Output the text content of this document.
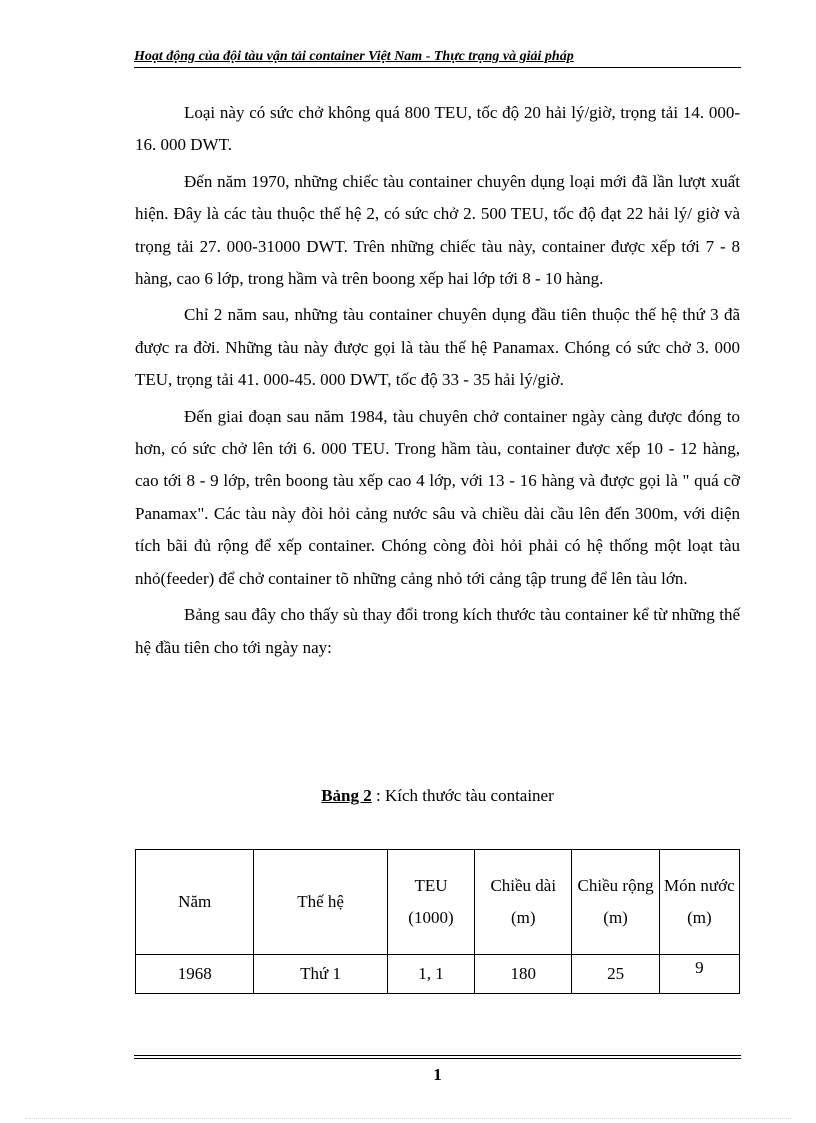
Hoạt động của đội tàu vận tải container Việt Nam - Thực trạng và giải pháp

Loại này có sức chở không quá 800 TEU, tốc độ 20 hải lý/giờ, trọng tải 14. 000-16. 000 DWT.

Đến năm 1970, những chiếc tàu container chuyên dụng loại mới đã lần lượt xuất hiện. Đây là các tàu thuộc thế hệ 2, có sức chở 2. 500 TEU, tốc độ đạt 22 hải lý/ giờ và trọng tải 27. 000-31000 DWT. Trên những chiếc tàu này, container được xếp tới 7 - 8 hàng, cao 6 lớp, trong hầm và trên boong xếp hai lớp tới 8 - 10 hàng.

Chỉ 2 năm sau, những tàu container chuyên dụng đầu tiên thuộc thế hệ thứ 3 đã được ra đời. Những tàu này được gọi là tàu thế hệ Panamax. Chóng có sức chở 3. 000 TEU, trọng tải 41. 000-45. 000 DWT, tốc độ 33 - 35 hải lý/giờ.

Đến giai đoạn sau năm 1984, tàu chuyên chở container ngày càng được đóng to hơn, có sức chở lên tới 6. 000 TEU. Trong hầm tàu, container được xếp 10 - 12 hàng, cao tới 8 - 9 lớp, trên boong tàu xếp cao 4 lớp, với 13 - 16 hàng và được gọi là " quá cỡ Panamax". Các tàu này đòi hỏi cảng nước sâu và chiều dài cầu lên đến 300m, với diện tích bãi đủ rộng để xếp container. Chóng còng đòi hỏi phải có hệ thống một loạt tàu nhỏ(feeder) để chở container tõ những cảng nhỏ tới cảng tập trung để lên tàu lớn.

Bảng sau đây cho thấy sù thay đổi trong kích thước tàu container kể từ những thế hệ đầu tiên cho tới ngày nay:

Bảng 2 : Kích thước tàu container
Năm	Thế hệ	TEU (1000)	Chiều dài (m)	Chiều rộng (m)	Món nước (m)
1968	Thứ 1	1, 1	180	25	9
1
